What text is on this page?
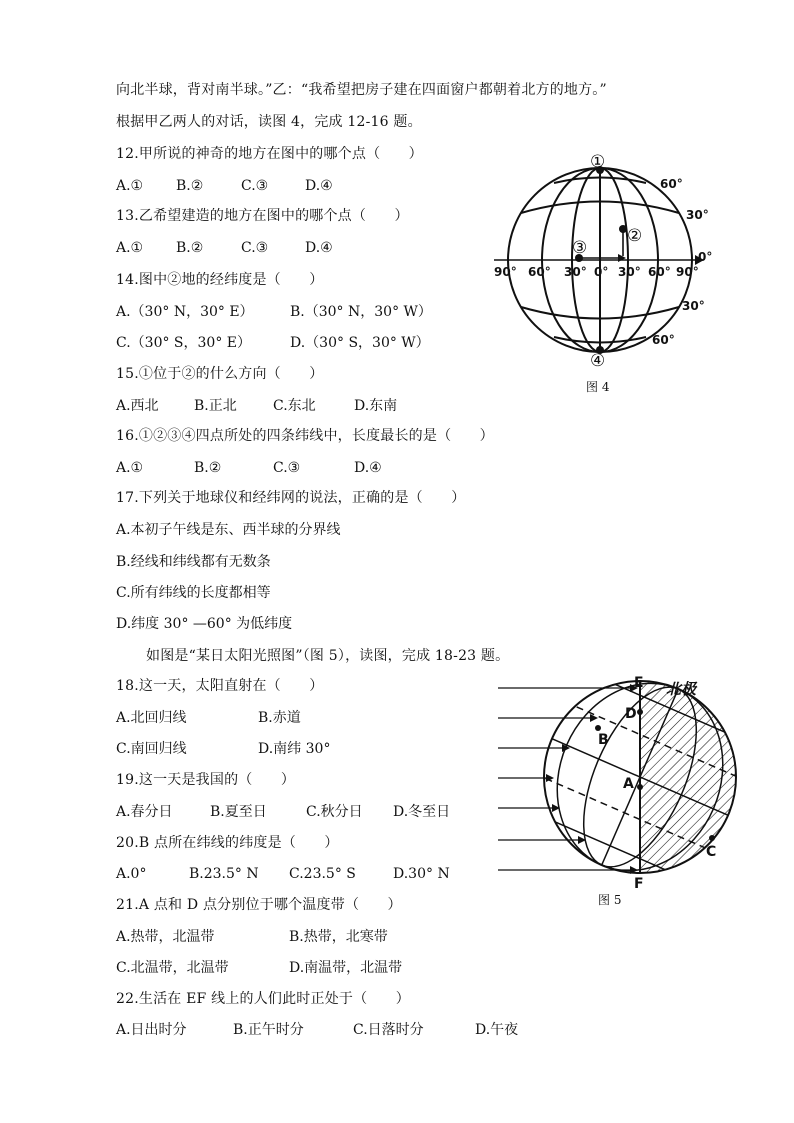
向北半球，背对南半球。”乙：“我希望把房子建在四面窗户都朝着北方的地方。”
根据甲乙两人的对话，读图 4，完成 12-16 题。
12.甲所说的神奇的地方在图中的哪个点（　　）
A.① B.②	C.③	D.④
13.乙希望建造的地方在图中的哪个点（　　）
A.① B.②	C.③	D.④
14.图中②地的经纬度是（　　）
A.（30° N，30° E）	B.（30° N，30° W）
C.（30° S，30° E）	D.（30° S，30° W）
15.①位于②的什么方向（　　）
A.西北	B.正北	C.东北	D.东南
16.①②③④四点所处的四条纬线中，长度最长的是（　　）
A.①	B.②	C.③	D.④
17.下列关于地球仪和经纬网的说法，正确的是（　　）
A.本初子午线是东、西半球的分界线
B.经线和纬线都有无数条
C.所有纬线的长度都相等
D.纬度 30° —60° 为低纬度
如图是“某日太阳光照图”（图 5），读图，完成 18-23 题。
18.这一天，太阳直射在（　　）
A.北回归线	B.赤道
C.南回归线	D.南纬 30°
19.这一天是我国的（　　）
A.春分日	B.夏至日	C.秋分日 D.冬至日
20.B 点所在纬线的纬度是（　　）
A.0°	B.23.5° N C.23.5° S	D.30° N
21.A 点和 D 点分别位于哪个温度带（　　）
A.热带，北温带	B.热带，北寒带
C.北温带，北温带	D.南温带，北温带
22.生活在 EF 线上的人们此时正处于（　　）
A.日出时分	B.正午时分	C.日落时分	D.午夜
①
②
③
④
60°
30°
0°
30°
60°
90° 60° 30° 0° 30° 60° 90°
图 4
E
F
A
B
C
D
北极
图 5
